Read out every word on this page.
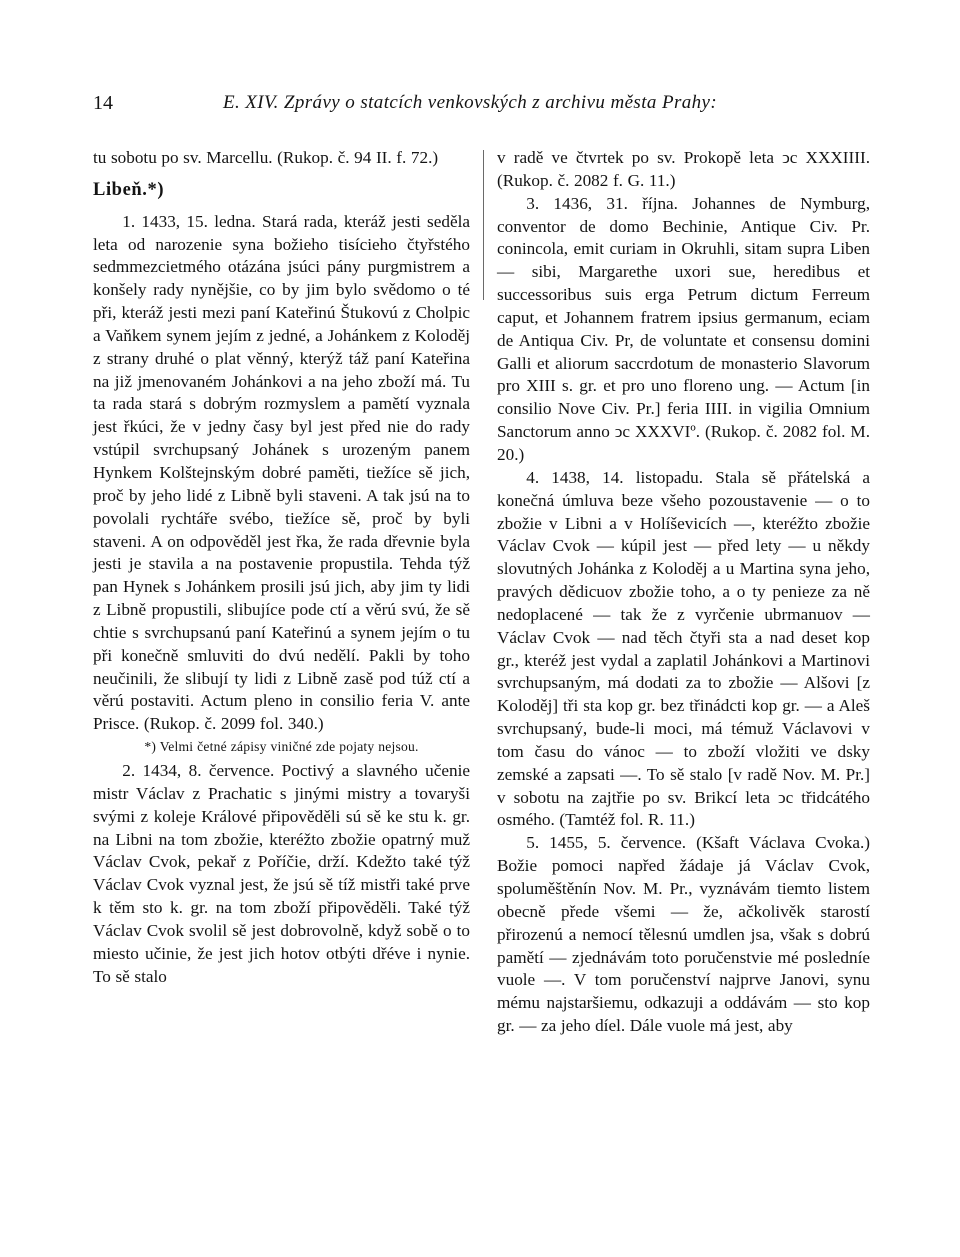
14	E. XIV. Zprávy o statcích venkovských z archivu města Prahy:

tu sobotu po sv. Marcellu. (Rukop. č. 94 II. f. 72.)

Libeň.*)

1. 1433, 15. ledna. Stará rada, kteráž jesti seděla leta od narozenie syna božieho tisícieho čtyřstého sedmmezcietmého otázána jsúci pány purgmistrem a konšely rady nynějšie, co by jim bylo svědomo o té při, kteráž jesti mezi paní Kateřinú Štukovú z Cholpic a Vaňkem synem jejím z jedné, a Johánkem z Koloděj z strany druhé o plat věnný, kterýž táž paní Kateřina na již jmenovaném Johánkovi a na jeho zboží má. Tu ta rada stará s dobrým rozmyslem a pamětí vyznala jest řkúci, že v jedny časy byl jest před nie do rady vstúpil svrchupsaný Johánek s urozeným panem Hynkem Kolštejnským dobré paměti, tiežíce sě jich, proč by jeho lidé z Libně byli staveni. A tak jsú na to povolali rychtáře svébo, tiežíce sě, proč by byli staveni. A on odpověděl jest řka, že rada dřevnie byla jesti je stavila a na postavenie propustila. Tehda týž pan Hynek s Johánkem prosili jsú jich, aby jim ty lidi z Libně propustili, slibujíce pode ctí a věrú svú, že sě chtie s svrchupsanú paní Kateřinú a synem jejím o tu při konečně smluviti do dvú nedělí. Pakli by toho neučinili, že slibují ty lidi z Libně zasě pod túž ctí a věrú postaviti. Actum pleno in consilio feria V. ante Prisce. (Rukop. č. 2099 fol. 340.)

*) Velmi četné zápisy viničné zde pojaty nejsou.

2. 1434, 8. července. Poctivý a slavného učenie mistr Václav z Prachatic s jinými mistry a tovaryši svými z koleje Králové připověděli sú sě ke stu k. gr. na Libni na tom zbožie, kteréžto zbožie opatrný muž Václav Cvok, pekař z Poříčie, drží. Kdežto také týž Václav Cvok vyznal jest, že jsú sě tíž mistři také prve k těm sto k. gr. na tom zboží připověděli. Také týž Václav Cvok svolil sě jest dobrovolně, když sobě o to miesto učinie, že jest jich hotov otbýti dřéve i nynie. To sě stalo

v radě ve čtvrtek po sv. Prokopě leta ↄc XXXIIII. (Rukop. č. 2082 f. G. 11.)

3. 1436, 31. října. Johannes de Nymburg, conventor de domo Bechinie, Antique Civ. Pr. conincola, emit curiam in Okruhli, sitam supra Liben — sibi, Margarethe uxori sue, heredibus et successoribus suis erga Petrum dictum Ferreum caput, et Johannem fratrem ipsius germanum, eciam de Antiqua Civ. Pr, de voluntate et consensu domini Galli et aliorum saccrdotum de monasterio Slavorum pro XIII s. gr. et pro uno floreno ung. — Actum [in consilio Nove Civ. Pr.] feria IIII. in vigilia Omnium Sanctorum anno ↄc XXXVIº. (Rukop. č. 2082 fol. M. 20.)

4. 1438, 14. listopadu. Stala sě přátelská a konečná úmluva beze všeho pozoustavenie — o to zbožie v Libni a v Holíševicích —, kteréžto zbožie Václav Cvok — kúpil jest — před lety — u někdy slovutných Johánka z Koloděj a u Martina syna jeho, pravých dědicuov zbožie toho, a o ty penieze za ně nedoplacené — tak že z vyrčenie ubrmanuov — Václav Cvok — nad těch čtyři sta a nad deset kop gr., kteréž jest vydal a zaplatil Johánkovi a Martinovi svrchupsaným, má dodati za to zbožie — Alšovi [z Koloděj] tři sta kop gr. bez třinádcti kop gr. — a Aleš svrchupsaný, bude-li moci, má témuž Václavovi v tom času do vánoc — to zboží vložiti ve dsky zemské a zapsati —. To sě stalo [v radě Nov. M. Pr.] v sobotu na zajtřie po sv. Brikcí leta ↄc třidcátého osmého. (Tamtéž fol. R. 11.)

5. 1455, 5. července. (Kšaft Václava Cvoka.) Božie pomoci napřed žádaje já Václav Cvok, spoluměštěnín Nov. M. Pr., vyznávám tiemto listem obecně přede všemi — že, ačkolivěk starostí přirozenú a nemocí tělesnú umdlen jsa, však s dobrú pamětí — zjednávám toto poručenstvie mé posledníe vuole —. V tom poručenství najprve Janovi, synu mému najstaršiemu, odkazuji a oddávám — sto kop gr. — za jeho díel. Dále vuole má jest, aby
